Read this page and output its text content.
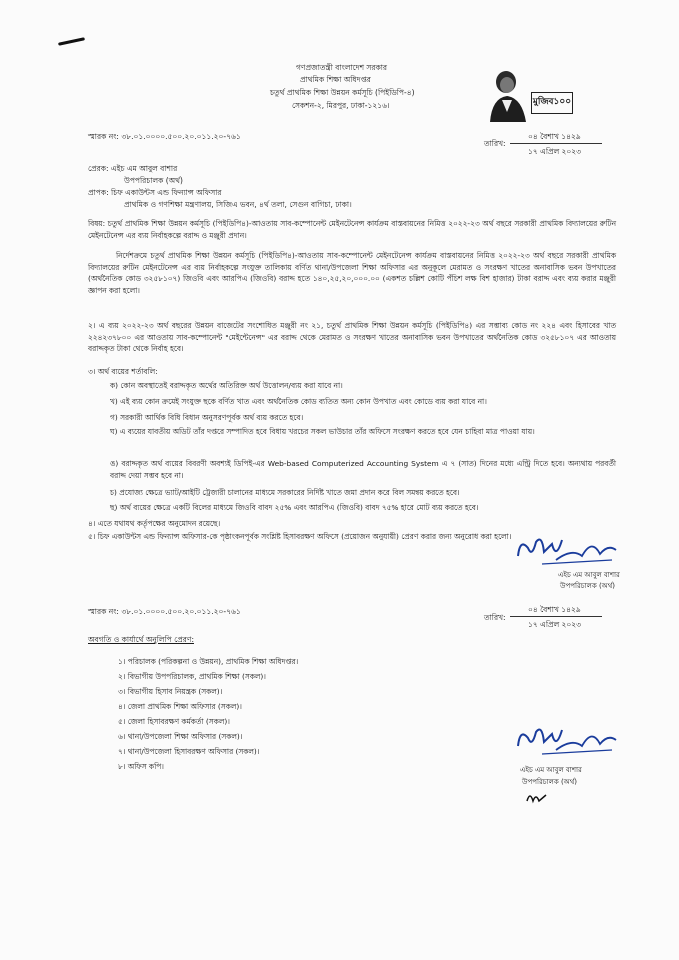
গণপ্রজাতন্ত্রী বাংলাদেশ সরকার
প্রাথমিক শিক্ষা অধিদপ্তর
চতুর্থ প্রাথমিক শিক্ষা উন্নয়ন কর্মসূচি (পিইডিপি-৪)
সেকশন-২, মিরপুর, ঢাকা-১২১৬।	মুজিব১০০
স্মারক নং: ৩৮.০১.০০০০.৫০০.২০.০১১.২০-৭৬১
তারিখ:
০৪ বৈশাখ ১৪২৯
১৭ এপ্রিল ২০২৩
প্রেরক: এইচ এম আবুল বাশার
উপপরিচালক (অর্থ)
প্রাপক: চিফ একাউন্টস এন্ড ফিন্যান্স অফিসার
প্রাথমিক ও গণশিক্ষা মন্ত্রণালয়, সিজিএ ভবন, ৪র্থ তলা, সেগুন বাগিচা, ঢাকা।
বিষয়: চতুর্থ প্রাথমিক শিক্ষা উন্নয়ন কর্মসূচি (পিইডিপি৪)-আওতায় সাব-কম্পোনেন্ট মেইনটেনেন্স কার্যক্রম বাস্তবায়নের নিমিত্ত ২০২২-২৩ অর্থ বছরে সরকারী প্রাথমিক বিদ্যালয়ের রুটিন মেইনটেনেন্স এর ব্যয় নির্বাহকল্পে বরাদ্দ ও মঞ্জুরী প্রদান।
নির্দেশক্রমে চতুর্থ প্রাথমিক শিক্ষা উন্নয়ন কর্মসূচি (পিইডিপি৪)-আওতায় সাব-কম্পোনেন্ট মেইনটেনেন্স কার্যক্রম বাস্তবায়নের নিমিত্ত ২০২২-২৩ অর্থ বছরে সরকারী প্রাথমিক বিদ্যালয়ের রুটিন মেইনটেনেন্স এর ব্যয় নির্বাহকল্পে সংযুক্ত তালিকায় বর্ণিত থানা/উপজেলা শিক্ষা অফিসার এর অনুকূলে মেরামত ও সংরক্ষণ খাতের অনাবাসিক ভবন উপখাতের (অর্থনৈতিক কোড ৩২৫৮১০৭) জিওবি এবং আরপিএ (জিওবি) বরাদ্দ হতে ১৪০,২৫,২০,০০০.০০ (একশত চল্লিশ কোটি পঁচিশ লক্ষ বিশ হাজার) টাকা বরাদ্দ এবং ব্যয় করার মঞ্জুরী জ্ঞাপন করা হলো।
২। এ ব্যয় ২০২২-২৩ অর্থ বছরের উন্নয়ন বাজেটের সংশোধিত মঞ্জুরী নং ২১, চতুর্থ প্রাথমিক শিক্ষা উন্নয়ন কর্মসূচি (পিইডিপি৪) এর সম্ভাব্য কোড নং ২২৪ এবং হিসাবের খাত ২২৪২৩৭৮০০ এর আওতায় সাব-কম্পোনেন্ট "মেইন্টেনেন্স" এর বরাদ্দ থেকে মেরামত ও সংরক্ষণ খাতের অনাবাসিক ভবন উপখাতের অর্থনৈতিক কোড ৩২৫৮১০৭ এর আওতায় বরাদ্দকৃত টাকা থেকে নির্বাহ হবে।
৩। অর্থ ব্যয়ের শর্তাবলি:
ক) কোন অবস্থাতেই বরাদ্দকৃত অর্থের অতিরিক্ত অর্থ উত্তোলন/ব্যয় করা যাবে না।
খ) এই ব্যয় কোন ক্রমেই সংযুক্ত ছকে বর্ণিত খাত এবং অর্থনৈতিক কোড ব্যতিত অন্য কোন উপখাত এবং কোডে ব্যয় করা যাবে না।
গ) সরকারী আর্থিক বিধি বিধান অনুসরণপূর্বক অর্থ ব্যয় করতে হবে।
ঘ) এ ব্যয়ের যাবতীয় অডিট তাঁর দপ্তরে সম্পাদিত হবে বিধায় খরচের সকল ভাউচার তাঁর অফিসে সংরক্ষণ করতে হবে যেন চাহিবা মাত্র পাওয়া যায়।
ঙ) বরাদ্দকৃত অর্থ ব্যয়ের বিবরণী অবশ্যই ডিপিই-এর Web-based Computerized Accounting System এ ৭ (সাত) দিনের মধ্যে এন্ট্রি দিতে হবে। অন্যথায় পরবর্তী বরাদ্দ দেয়া সম্ভব হবে না।
চ) প্রযোজ্য ক্ষেত্রে ভ্যাট/আইটি ট্রেজারী চালানের মাধ্যমে সরকারের নির্দিষ্ট খাতে জমা প্রদান করে বিল সমন্বয় করতে হবে।
ছ) অর্থ ব্যয়ের ক্ষেত্রে একটি বিলের মাধ্যমে জিওবি বাবদ ২৫% এবং আরপিএ (জিওবি) বাবদ ৭৫% হারে মোট ব্যয় করতে হবে।
৪। এতে যথাযথ কর্তৃপক্ষের অনুমোদন রয়েছে।
৫। চিফ একাউন্টস এন্ড ফিন্যান্স অফিসার-কে পৃষ্ঠাংকনপূর্বক সংশ্লিষ্ট হিসাবরক্ষণ অফিসে (প্রয়োজন অনুযায়ী) প্রেরণ করার জন্য অনুরোধ করা হলো।
এইচ এম আবুল বাশার
উপপরিচালক (অর্থ)
স্মারক নং: ৩৮.০১.০০০০.৫০০.২০.০১১.২০-৭৬১
তারিখ:
০৪ বৈশাখ ১৪২৯
১৭ এপ্রিল ২০২৩
অবগতি ও কার্যার্থে অনুলিপি প্রেরণ:
১। পরিচালক (পরিকল্পনা ও উন্নয়ন), প্রাথমিক শিক্ষা অধিদপ্তর।
২। বিভাগীয় উপপরিচালক, প্রাথমিক শিক্ষা (সকল)।
৩। বিভাগীয় হিসাব নিয়ন্ত্রক (সকল)।
৪। জেলা প্রাথমিক শিক্ষা অফিসার (সকল)।
৫। জেলা হিসাবরক্ষণ কর্মকর্তা (সকল)।
৬। থানা/উপজেলা শিক্ষা অফিসার (সকল)।
৭। থানা/উপজেলা হিসাবরক্ষণ অফিসার (সকল)।
৮। অফিস কপি।	এইচ এম আবুল বাশার
উপপরিচালক (অর্থ)
